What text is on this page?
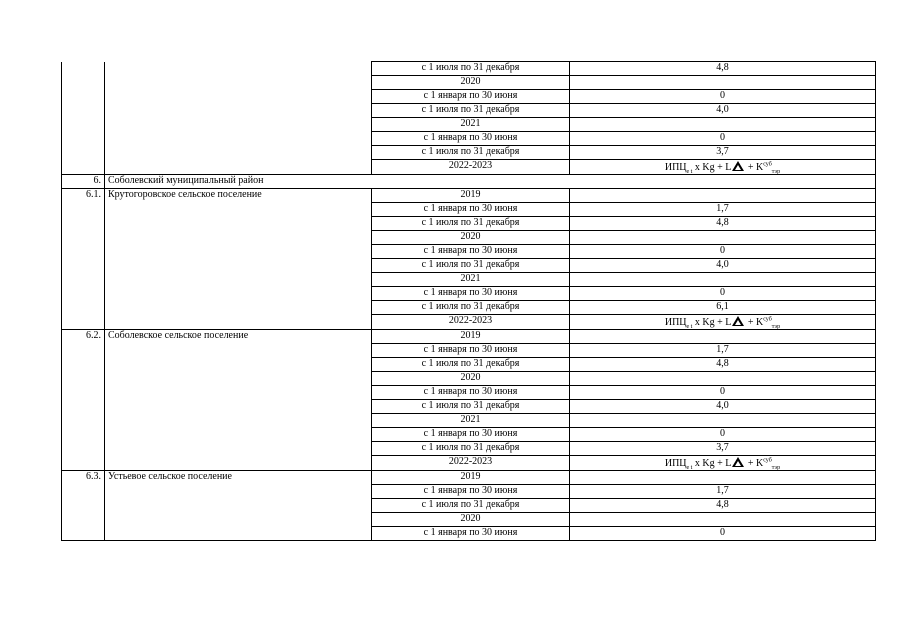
		с 1 июля по 31 декабря	4,8
		2020	
		с 1 января по 30 июня	0
		с 1 июля по 31 декабря	4,0
		2021	
		с 1 января по 30 июня	0
		с 1 июля по 31 декабря	3,7
		2022-2023	$ИПЦ_{е t}$ x $Kg + L + K^{суб}_{тэр}$
6.	Соболевский муниципальный район		
6.1.	Крутогоровское сельское поселение	2019	
		с 1 января по 30 июня	1,7
		с 1 июля по 31 декабря	4,8
		2020	
		с 1 января по 30 июня	0
		с 1 июля по 31 декабря	4,0
		2021	
		с 1 января по 30 июня	0
		с 1 июля по 31 декабря	6,1
		2022-2023	$ИПЦ_{е t}$ x $Kg + L + K^{суб}_{тэр}$
6.2.	Соболевское сельское поселение	2019	
		с 1 января по 30 июня	1,7
		с 1 июля по 31 декабря	4,8
		2020	
		с 1 января по 30 июня	0
		с 1 июля по 31 декабря	4,0
		2021	
		с 1 января по 30 июня	0
		с 1 июля по 31 декабря	3,7
		2022-2023	$ИПЦ_{е t}$ x $Kg + L + K^{суб}_{тэр}$
6.3.	Устьевое сельское поселение	2019	
		с 1 января по 30 июня	1,7
		с 1 июля по 31 декабря	4,8
		2020	
		с 1 января по 30 июня	0
